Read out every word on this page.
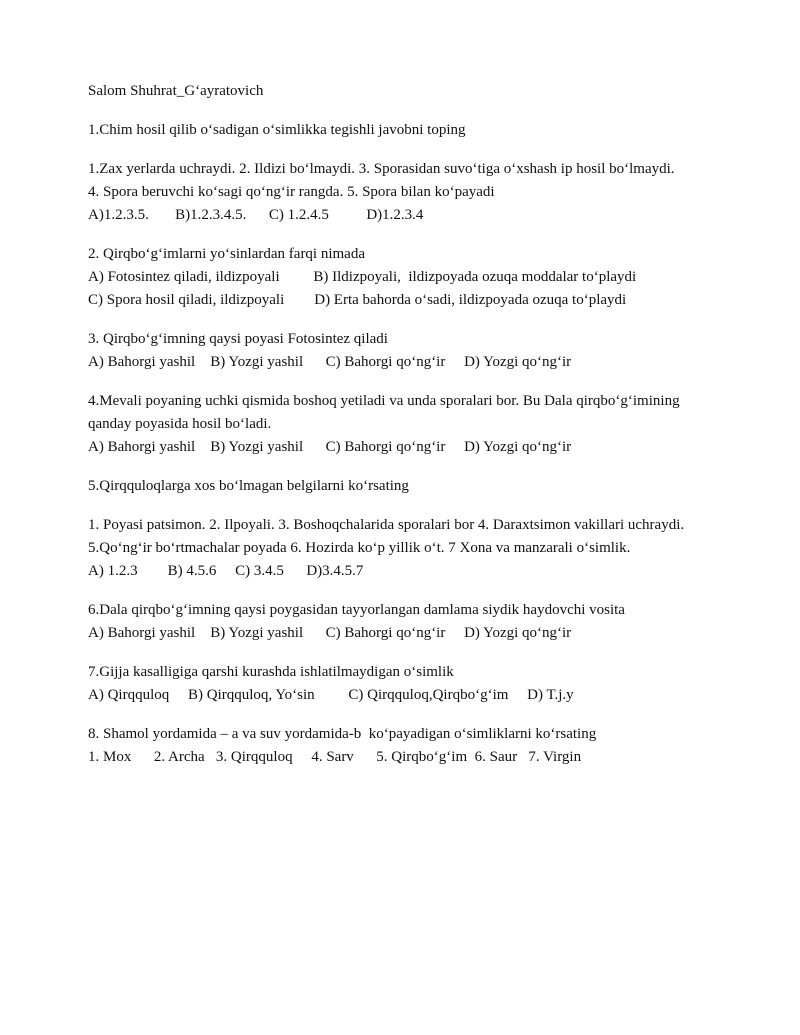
Salom Shuhrat_G‘ayratovich

1.Chim hosil qilib o‘sadigan o‘simlikka tegishli javobni toping

1.Zax yerlarda uchraydi. 2. Ildizi bo‘lmaydi. 3. Sporasidan suvo‘tiga o‘xshash ip hosil bo‘lmaydi.

4. Spora beruvchi ko‘sagi qo‘ng‘ir rangda. 5. Spora bilan ko‘payadi

A)1.2.3.5.       B)1.2.3.4.5.      C) 1.2.4.5          D)1.2.3.4

2. Qirqbo‘g‘imlarni yo‘sinlardan farqi nimada

A) Fotosintez qiladi, ildizpoyali         B) Ildizpoyali,  ildizpoyada ozuqa moddalar to‘playdi

C) Spora hosil qiladi, ildizpoyali        D) Erta bahorda o‘sadi, ildizpoyada ozuqa to‘playdi

3. Qirqbo‘g‘imning qaysi poyasi Fotosintez qiladi

A) Bahorgi yashil    B) Yozgi yashil      C) Bahorgi qo‘ng‘ir     D) Yozgi qo‘ng‘ir

4.Mevali poyaning uchki qismida boshoq yetiladi va unda sporalari bor. Bu Dala qirqbo‘g‘imining

qanday poyasida hosil bo‘ladi.

A) Bahorgi yashil    B) Yozgi yashil      C) Bahorgi qo‘ng‘ir     D) Yozgi qo‘ng‘ir

5.Qirqquloqlarga xos bo‘lmagan belgilarni ko‘rsating

1. Poyasi patsimon. 2. Ilpoyali. 3. Boshoqchalarida sporalari bor 4. Daraxtsimon vakillari uchraydi.

5.Qo‘ng‘ir bo‘rtmachalar poyada 6. Hozirda ko‘p yillik o‘t. 7 Xona va manzarali o‘simlik.

A) 1.2.3        B) 4.5.6     C) 3.4.5      D)3.4.5.7

6.Dala qirqbo‘g‘imning qaysi poygasidan tayyorlangan damlama siydik haydovchi vosita

A) Bahorgi yashil    B) Yozgi yashil      C) Bahorgi qo‘ng‘ir     D) Yozgi qo‘ng‘ir

7.Gijja kasalligiga qarshi kurashda ishlatilmaydigan o‘simlik

A) Qirqquloq     B) Qirqquloq, Yo‘sin         C) Qirqquloq,Qirqbo‘g‘im     D) T.j.y

8. Shamol yordamida – a va suv yordamida-b  ko‘payadigan o‘simliklarni ko‘rsating

1. Mox      2. Archa   3. Qirqquloq     4. Sarv      5. Qirqbo‘g‘im  6. Saur   7. Virgin
